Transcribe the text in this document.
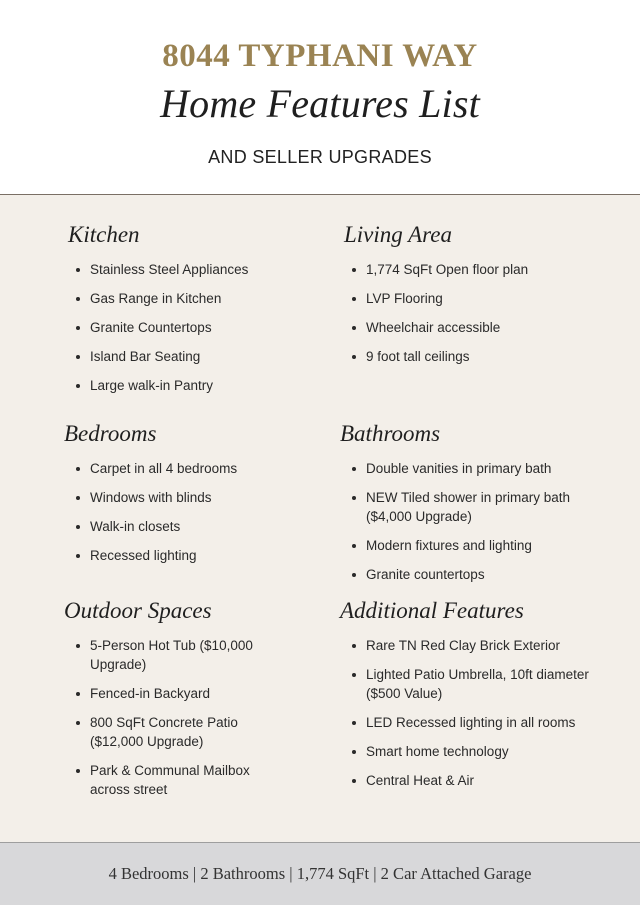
8044 TYPHANI WAY
Home Features List
AND SELLER UPGRADES
Kitchen
Stainless Steel Appliances
Gas Range in Kitchen
Granite Countertops
Island Bar Seating
Large walk-in Pantry
Living Area
1,774 SqFt Open floor plan
LVP Flooring
Wheelchair accessible
9 foot tall ceilings
Bedrooms
Carpet in all 4 bedrooms
Windows with blinds
Walk-in closets
Recessed lighting
Bathrooms
Double vanities in primary bath
NEW Tiled shower in primary bath ($4,000 Upgrade)
Modern fixtures and lighting
Granite countertops
Outdoor Spaces
5-Person Hot Tub ($10,000 Upgrade)
Fenced-in Backyard
800 SqFt Concrete Patio ($12,000 Upgrade)
Park & Communal Mailbox across street
Additional Features
Rare TN Red Clay Brick Exterior
Lighted Patio Umbrella, 10ft diameter ($500 Value)
LED Recessed lighting in all rooms
Smart home technology
Central Heat & Air
4 Bedrooms | 2 Bathrooms | 1,774 SqFt | 2 Car Attached Garage
